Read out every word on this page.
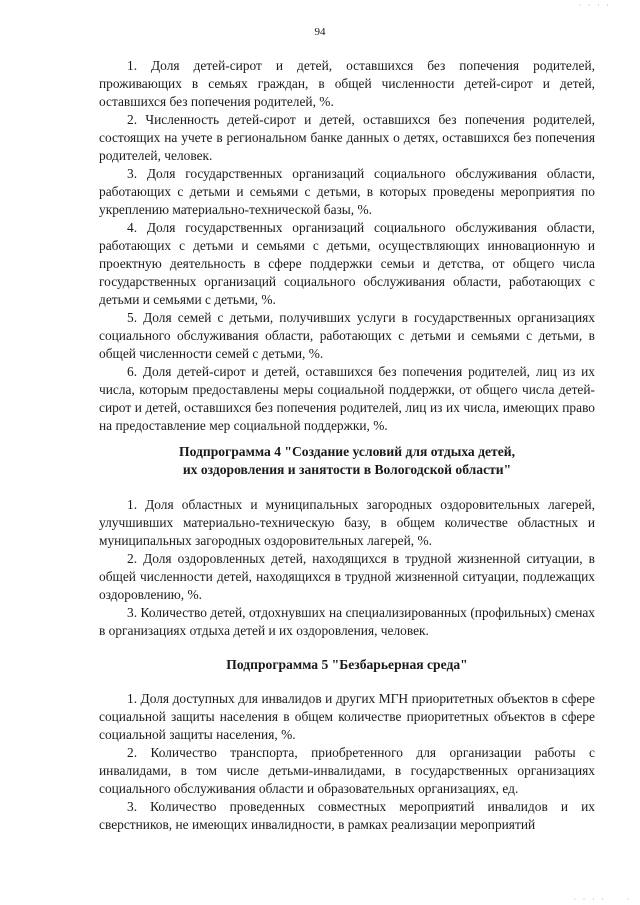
94

1. Доля детей-сирот и детей, оставшихся без попечения родителей, проживающих в семьях граждан, в общей численности детей-сирот и детей, оставшихся без попечения родителей, %.

2. Численность детей-сирот и детей, оставшихся без попечения родителей, состоящих на учете в региональном банке данных о детях, оставшихся без попечения родителей, человек.

3. Доля государственных организаций социального обслуживания области, работающих с детьми и семьями с детьми, в которых проведены мероприятия по укреплению материально-технической базы, %.

4. Доля государственных организаций социального обслуживания области, работающих с детьми и семьями с детьми, осуществляющих инновационную и проектную деятельность в сфере поддержки семьи и детства, от общего числа государственных организаций социального обслуживания области, работающих с детьми и семьями с детьми, %.

5. Доля семей с детьми, получивших услуги в государственных организациях социального обслуживания области, работающих с детьми и семьями с детьми, в общей численности семей с детьми, %.

6. Доля детей-сирот и детей, оставшихся без попечения родителей, лиц из их числа, которым предоставлены меры социальной поддержки, от общего числа детей-сирот и детей, оставшихся без попечения родителей, лиц из их числа, имеющих право на предоставление мер социальной поддержки, %.

Подпрограмма 4 "Создание условий для отдыха детей,
их оздоровления и занятости в Вологодской области"

1. Доля областных и муниципальных загородных оздоровительных лагерей, улучшивших материально-техническую базу, в общем количестве областных и муниципальных загородных оздоровительных лагерей, %.

2. Доля оздоровленных детей, находящихся в трудной жизненной ситуации, в общей численности детей, находящихся в трудной жизненной ситуации, подлежащих оздоровлению, %.

3. Количество детей, отдохнувших на специализированных (профильных) сменах в организациях отдыха детей и их оздоровления, человек.

Подпрограмма 5 "Безбарьерная среда"

1. Доля доступных для инвалидов и других МГН приоритетных объектов в сфере социальной защиты населения в общем количестве приоритетных объектов в сфере социальной защиты населения, %.

2. Количество транспорта, приобретенного для организации работы с инвалидами, в том числе детьми-инвалидами, в государственных организациях социального обслуживания области и образовательных организациях, ед.

3. Количество проведенных совместных мероприятий инвалидов и их сверстников, не имеющих инвалидности, в рамках реализации мероприятий

· · · ·
· · · ·	·
